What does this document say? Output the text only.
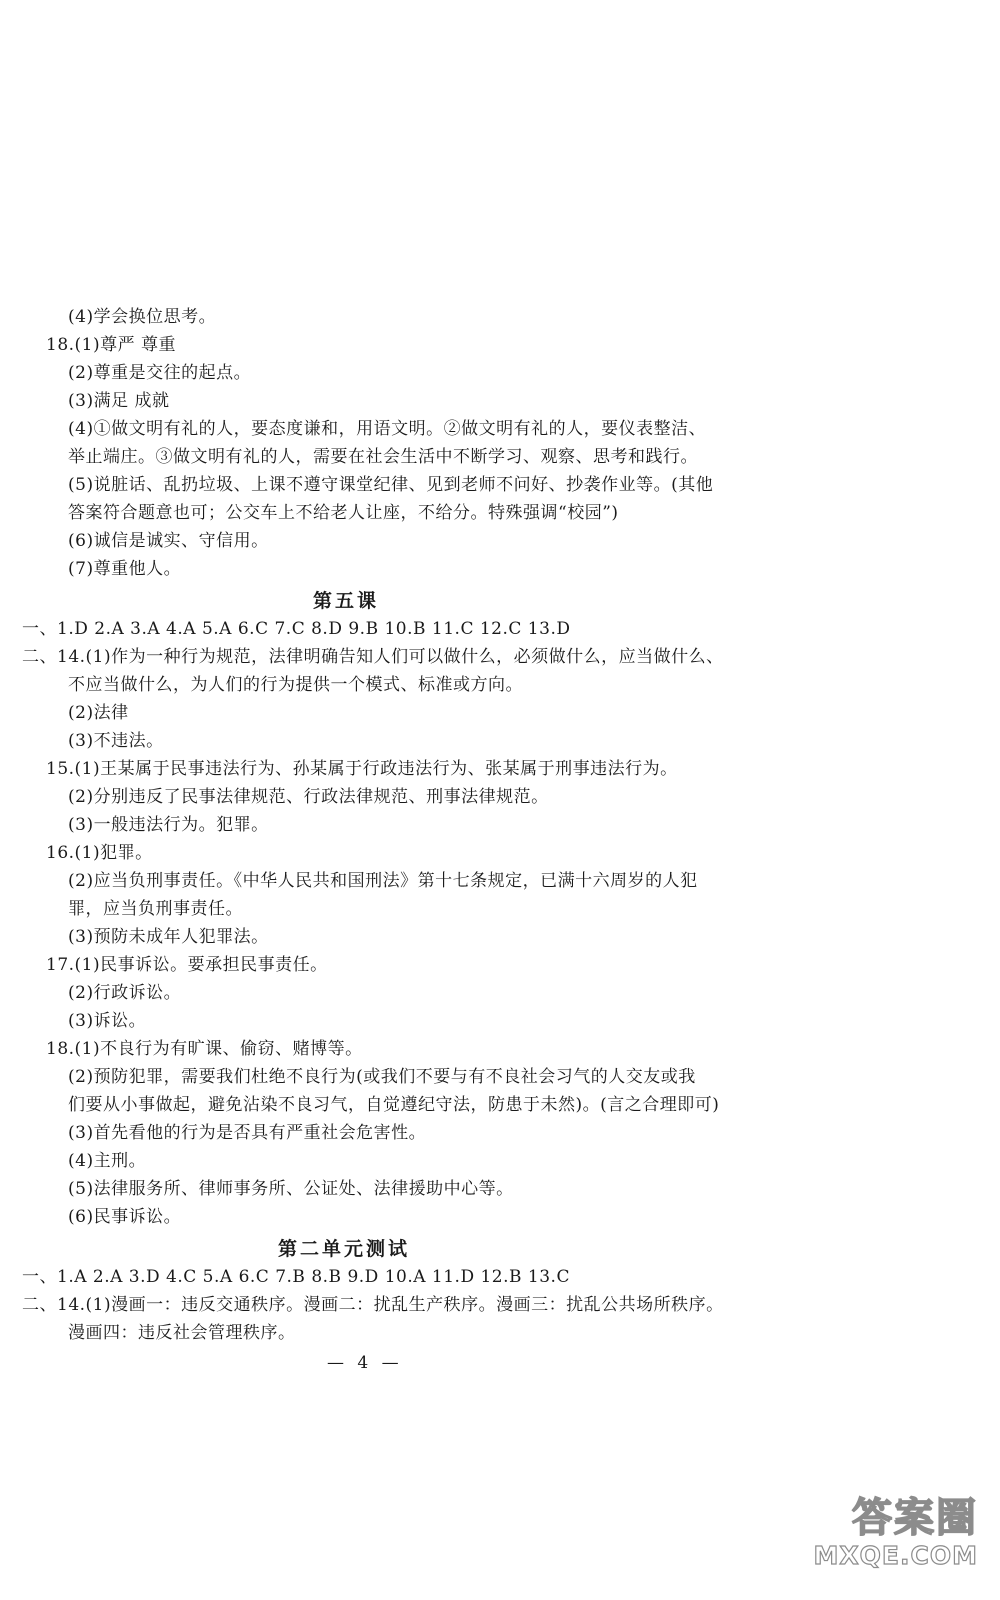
(4)学会换位思考。
18.(1)尊严 尊重
(2)尊重是交往的起点。
(3)满足 成就
(4)①做文明有礼的人，要态度谦和，用语文明。②做文明有礼的人，要仪表整洁、
举止端庄。③做文明有礼的人，需要在社会生活中不断学习、观察、思考和践行。
(5)说脏话、乱扔垃圾、上课不遵守课堂纪律、见到老师不问好、抄袭作业等。(其他
答案符合题意也可；公交车上不给老人让座，不给分。特殊强调“校园”)
(6)诚信是诚实、守信用。
(7)尊重他人。
第五课
一、1.D 2.A 3.A 4.A 5.A 6.C 7.C 8.D 9.B 10.B 11.C 12.C 13.D
二、14.(1)作为一种行为规范，法律明确告知人们可以做什么，必须做什么，应当做什么、
不应当做什么，为人们的行为提供一个模式、标准或方向。
(2)法律
(3)不违法。
15.(1)王某属于民事违法行为、孙某属于行政违法行为、张某属于刑事违法行为。
(2)分别违反了民事法律规范、行政法律规范、刑事法律规范。
(3)一般违法行为。犯罪。
16.(1)犯罪。
(2)应当负刑事责任。《中华人民共和国刑法》第十七条规定，已满十六周岁的人犯
罪，应当负刑事责任。
(3)预防未成年人犯罪法。
17.(1)民事诉讼。要承担民事责任。
(2)行政诉讼。
(3)诉讼。
18.(1)不良行为有旷课、偷窃、赌博等。
(2)预防犯罪，需要我们杜绝不良行为(或我们不要与有不良社会习气的人交友或我
们要从小事做起，避免沾染不良习气，自觉遵纪守法，防患于未然)。(言之合理即可)
(3)首先看他的行为是否具有严重社会危害性。
(4)主刑。
(5)法律服务所、律师事务所、公证处、法律援助中心等。
(6)民事诉讼。
第二单元测试
一、1.A 2.A 3.D 4.C 5.A 6.C 7.B 8.B 9.D 10.A 11.D 12.B 13.C
二、14.(1)漫画一：违反交通秩序。漫画二：扰乱生产秩序。漫画三：扰乱公共场所秩序。
漫画四：违反社会管理秩序。
— 4 —
答案圈
MXQE.COM
